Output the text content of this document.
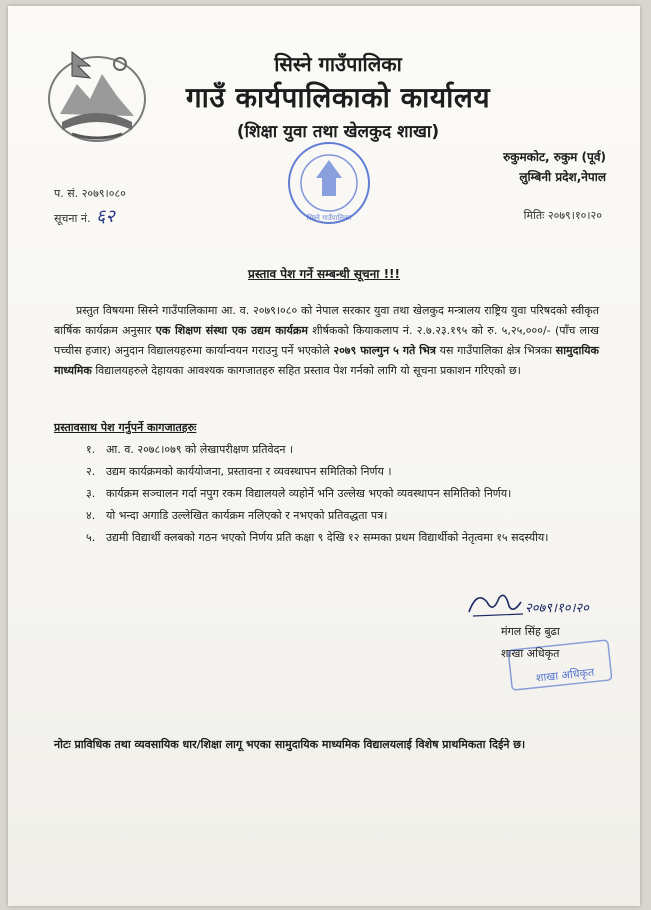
सिस्ने गाउँपालिका
गाउँ कार्यपालिकाको कार्यालय
(शिक्षा युवा तथा खेलकुद शाखा)
सिस्ने गाउँपालिका
रुकुमकोट, रुकुम (पूर्व)
लुम्बिनी प्रदेश,नेपाल
प. सं. २०७९।०८०
सूचना नं. ६२	मितिः २०७९।१०।२०
प्रस्ताव पेश गर्ने सम्बन्धी सूचना !!!
प्रस्तुत विषयमा सिस्ने गाउँपालिकामा आ. व. २०७९।०८० को नेपाल सरकार युवा तथा खेलकुद मन्त्रालय राष्ट्रिय युवा परिषदको स्वीकृत बार्षिक कार्यक्रम अनुसार एक शिक्षण संस्था एक उद्यम कार्यक्रम शीर्षकको कियाकलाप नं. २.७.२३.१९५ को रु. ५,२५,०००/- (पाँच लाख पच्चीस हजार) अनुदान विद्यालयहरुमा कार्यान्वयन गराउनु पर्ने भएकोले २०७९ फाल्गुन ५ गते भित्र यस गाउँपालिका क्षेत्र भित्रका सामुदायिक माध्यमिक विद्यालयहरुले देहायका आवश्यक कागजातहरु सहित प्रस्ताव पेश गर्नको लागि यो सूचना प्रकाशन गरिएको छ।
प्रस्तावसाथ पेश गर्नुपर्ने कागजातहरुः
१. आ. व. २०७८।०७९ को लेखापरीक्षण प्रतिवेदन ।
२. उद्यम कार्यक्रमको कार्ययोजना, प्रस्तावना र व्यवस्थापन समितिको निर्णय ।
३. कार्यक्रम सञ्चालन गर्दा नपुग रकम विद्यालयले व्यहोर्ने भनि उल्लेख भएको व्यवस्थापन समितिको निर्णय।
४. यो भन्दा अगाडि उल्लेखित कार्यक्रम नलिएको र नभएको प्रतिवद्धता पत्र।
५. उद्यमी विद्यार्थी क्लबको गठन भएको निर्णय प्रति कक्षा ९ देखि १२ सम्मका प्रथम विद्यार्थीको नेतृत्वमा १५ सदस्यीय।
२०७९।१०।२०
मंगल सिंह बुढा
शाखा अधिकृत
शाखा अधिकृत
नोटः प्राविधिक तथा व्यवसायिक धार/शिक्षा लागू भएका सामुदायिक माध्यमिक विद्यालयलाई विशेष प्राथमिकता दिईने छ।
